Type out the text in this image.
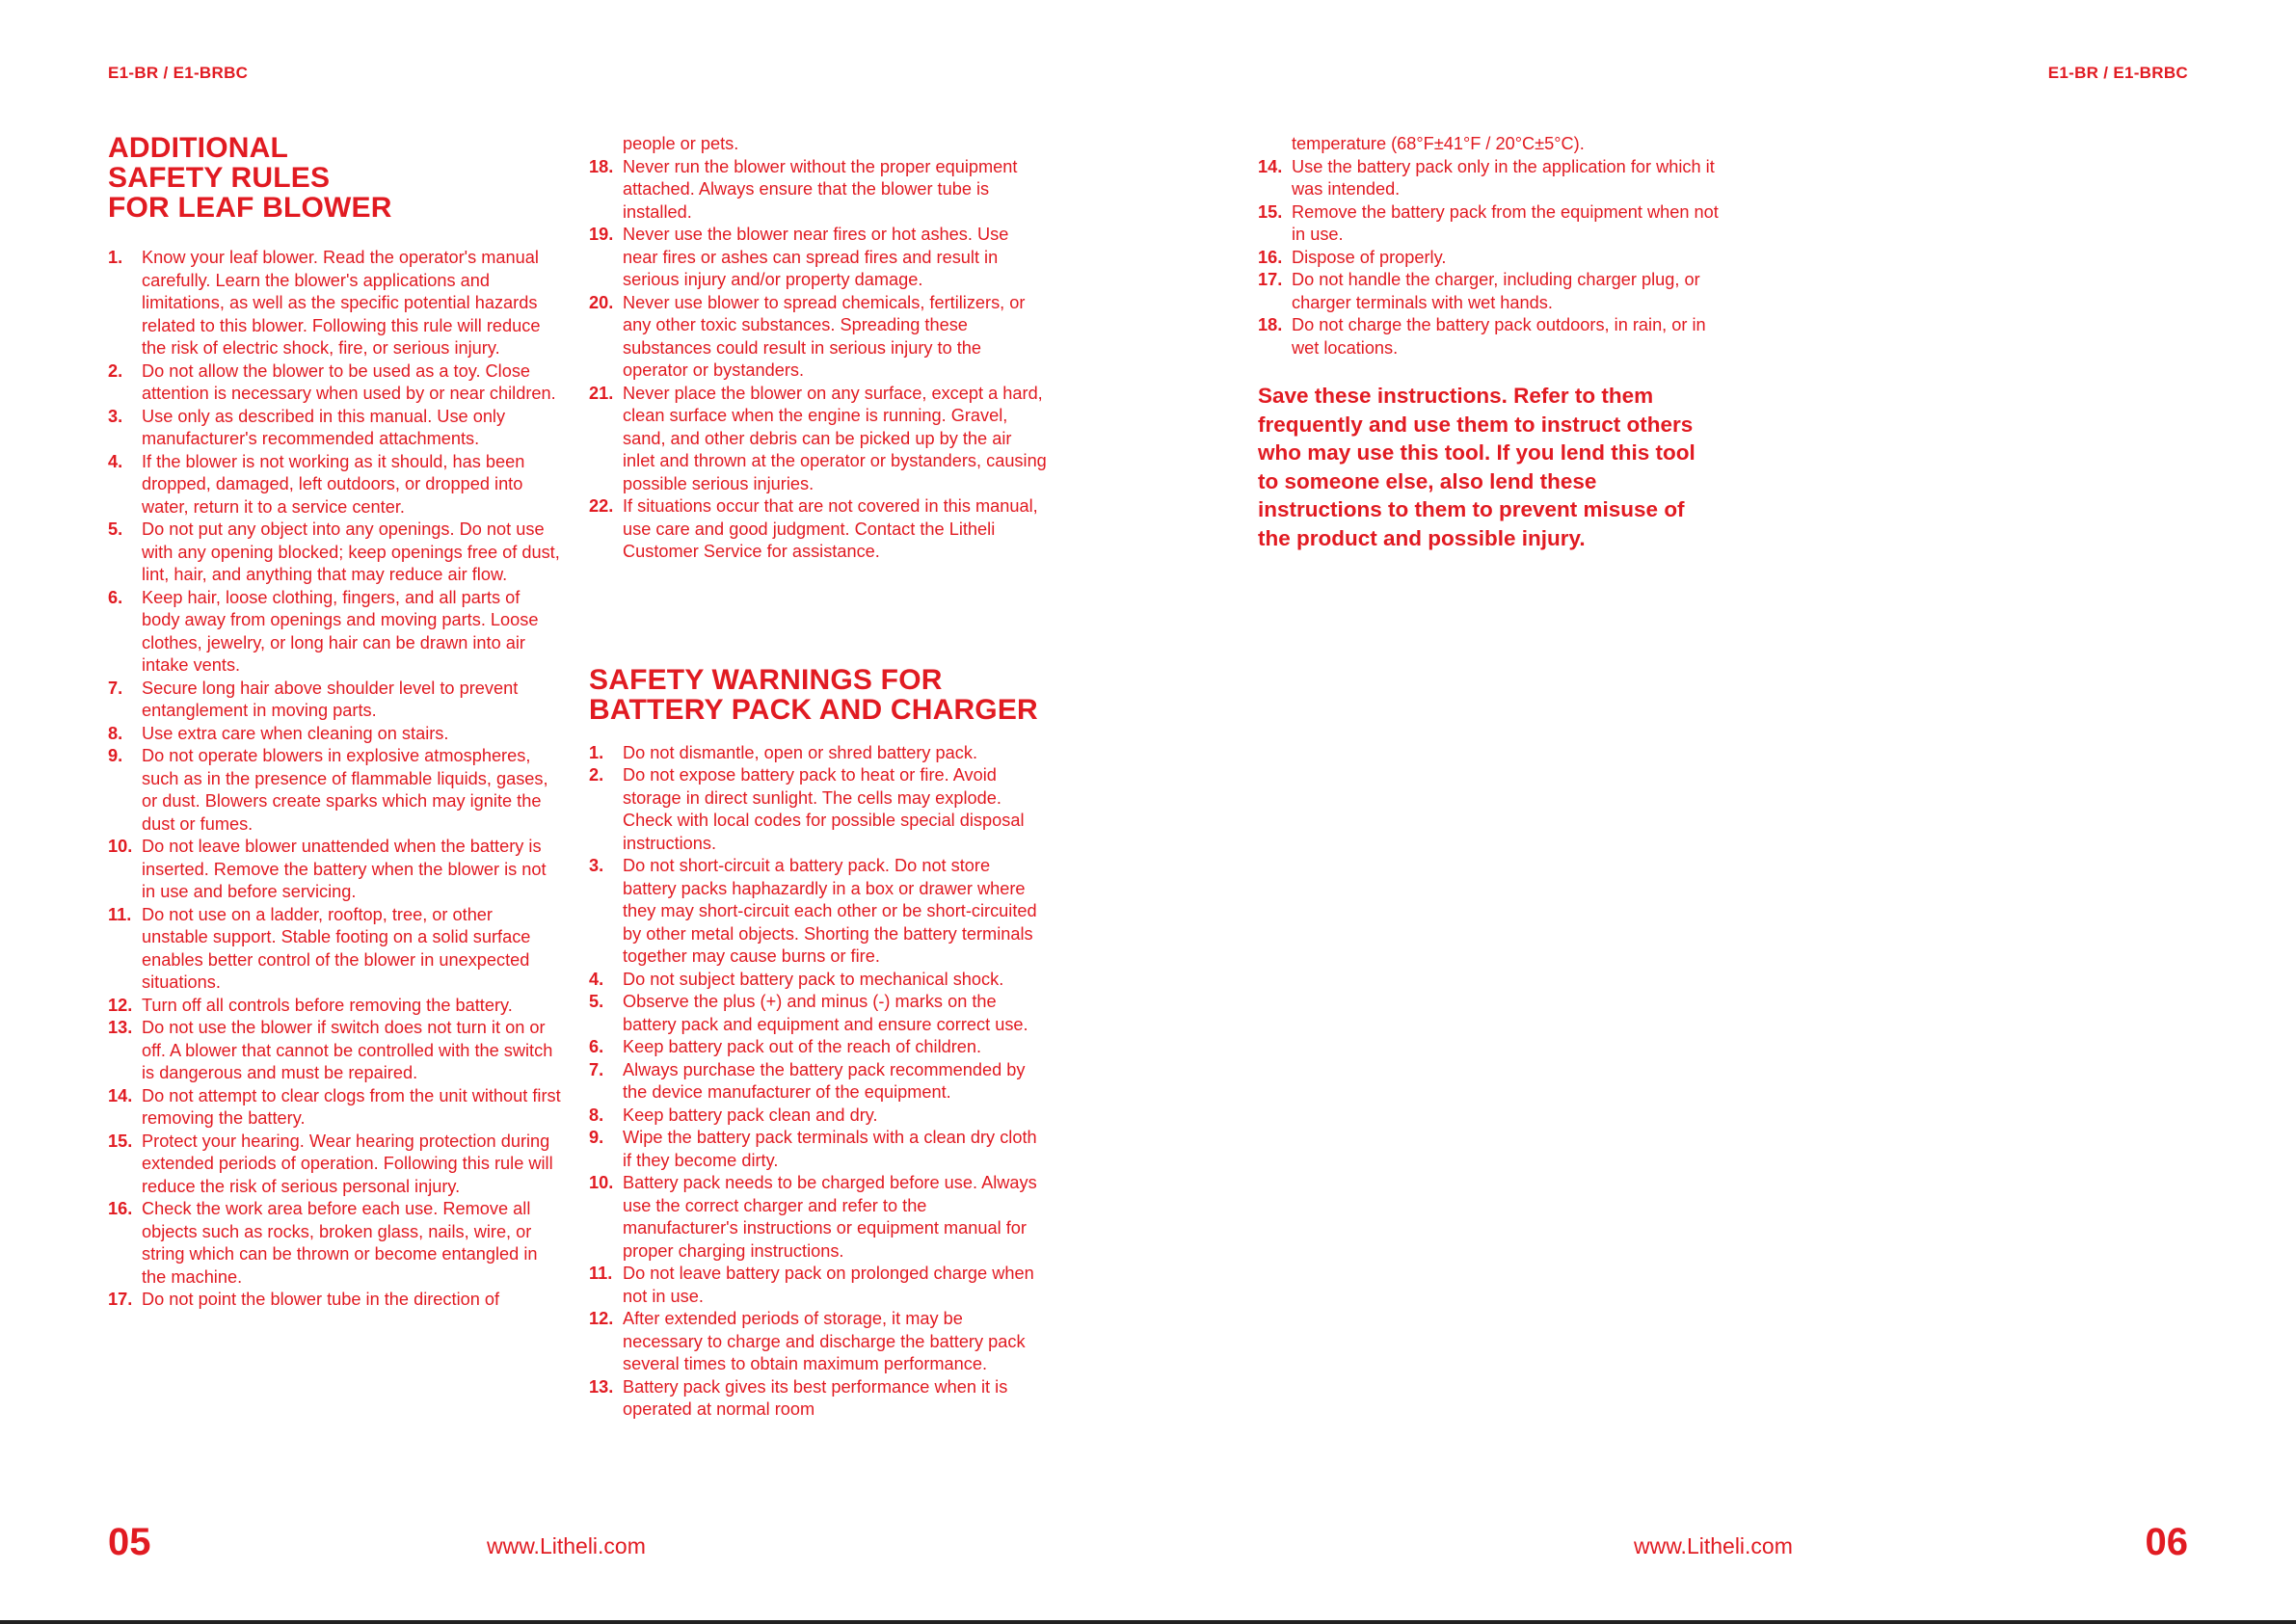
E1-BR / E1-BRBC	E1-BR / E1-BRBC
ADDITIONAL
SAFETY RULES
FOR LEAF BLOWER
1. Know your leaf blower. Read the operator's manual carefully. Learn the blower's applications and limitations, as well as the specific potential hazards related to this blower. Following this rule will reduce the risk of electric shock, fire, or serious injury.
2. Do not allow the blower to be used as a toy. Close attention is necessary when used by or near children.
3. Use only as described in this manual. Use only manufacturer's recommended attachments.
4. If the blower is not working as it should, has been dropped, damaged, left outdoors, or dropped into water, return it to a service center.
5. Do not put any object into any openings. Do not use with any opening blocked; keep openings free of dust, lint, hair, and anything that may reduce air flow.
6. Keep hair, loose clothing, fingers, and all parts of body away from openings and moving parts. Loose clothes, jewelry, or long hair can be drawn into air intake vents.
7. Secure long hair above shoulder level to prevent entanglement in moving parts.
8. Use extra care when cleaning on stairs.
9. Do not operate blowers in explosive atmospheres, such as in the presence of flammable liquids, gases, or dust. Blowers create sparks which may ignite the dust or fumes.
10. Do not leave blower unattended when the battery is inserted. Remove the battery when the blower is not in use and before servicing.
11. Do not use on a ladder, rooftop, tree, or other unstable support. Stable footing on a solid surface enables better control of the blower in unexpected situations.
12. Turn off all controls before removing the battery.
13. Do not use the blower if switch does not turn it on or off. A blower that cannot be controlled with the switch is dangerous and must be repaired.
14. Do not attempt to clear clogs from the unit without first removing the battery.
15. Protect your hearing. Wear hearing protection during extended periods of operation. Following this rule will reduce the risk of serious personal injury.
16. Check the work area before each use. Remove all objects such as rocks, broken glass, nails, wire, or string which can be thrown or become entangled in the machine.
17. Do not point the blower tube in the direction of
people or pets.
18. Never run the blower without the proper equipment attached. Always ensure that the blower tube is installed.
19. Never use the blower near fires or hot ashes. Use near fires or ashes can spread fires and result in serious injury and/or property damage.
20. Never use blower to spread chemicals, fertilizers, or any other toxic substances. Spreading these substances could result in serious injury to the operator or bystanders.
21. Never place the blower on any surface, except a hard, clean surface when the engine is running. Gravel, sand, and other debris can be picked up by the air inlet and thrown at the operator or bystanders, causing possible serious injuries.
22. If situations occur that are not covered in this manual, use care and good judgment. Contact the Litheli Customer Service for assistance.
SAFETY WARNINGS FOR
BATTERY PACK AND CHARGER
1. Do not dismantle, open or shred battery pack.
2. Do not expose battery pack to heat or fire. Avoid storage in direct sunlight. The cells may explode. Check with local codes for possible special disposal instructions.
3. Do not short-circuit a battery pack. Do not store battery packs haphazardly in a box or drawer where they may short-circuit each other or be short-circuited by other metal objects. Shorting the battery terminals together may cause burns or fire.
4. Do not subject battery pack to mechanical shock.
5. Observe the plus (+) and minus (-) marks on the battery pack and equipment and ensure correct use.
6. Keep battery pack out of the reach of children.
7. Always purchase the battery pack recommended by the device manufacturer of the equipment.
8. Keep battery pack clean and dry.
9. Wipe the battery pack terminals with a clean dry cloth if they become dirty.
10. Battery pack needs to be charged before use. Always use the correct charger and refer to the manufacturer's instructions or equipment manual for proper charging instructions.
11. Do not leave battery pack on prolonged charge when not in use.
12. After extended periods of storage, it may be necessary to charge and discharge the battery pack several times to obtain maximum performance.
13. Battery pack gives its best performance when it is operated at normal room
temperature (68°F±41°F / 20°C±5°C).
14. Use the battery pack only in the application for which it was intended.
15. Remove the battery pack from the equipment when not in use.
16. Dispose of properly.
17. Do not handle the charger, including charger plug, or charger terminals with wet hands.
18. Do not charge the battery pack outdoors, in rain, or in wet locations.
Save these instructions. Refer to them frequently and use them to instruct others who may use this tool. If you lend this tool to someone else, also lend these instructions to them to prevent misuse of the product and possible injury.
05	www.Litheli.com	www.Litheli.com	06
